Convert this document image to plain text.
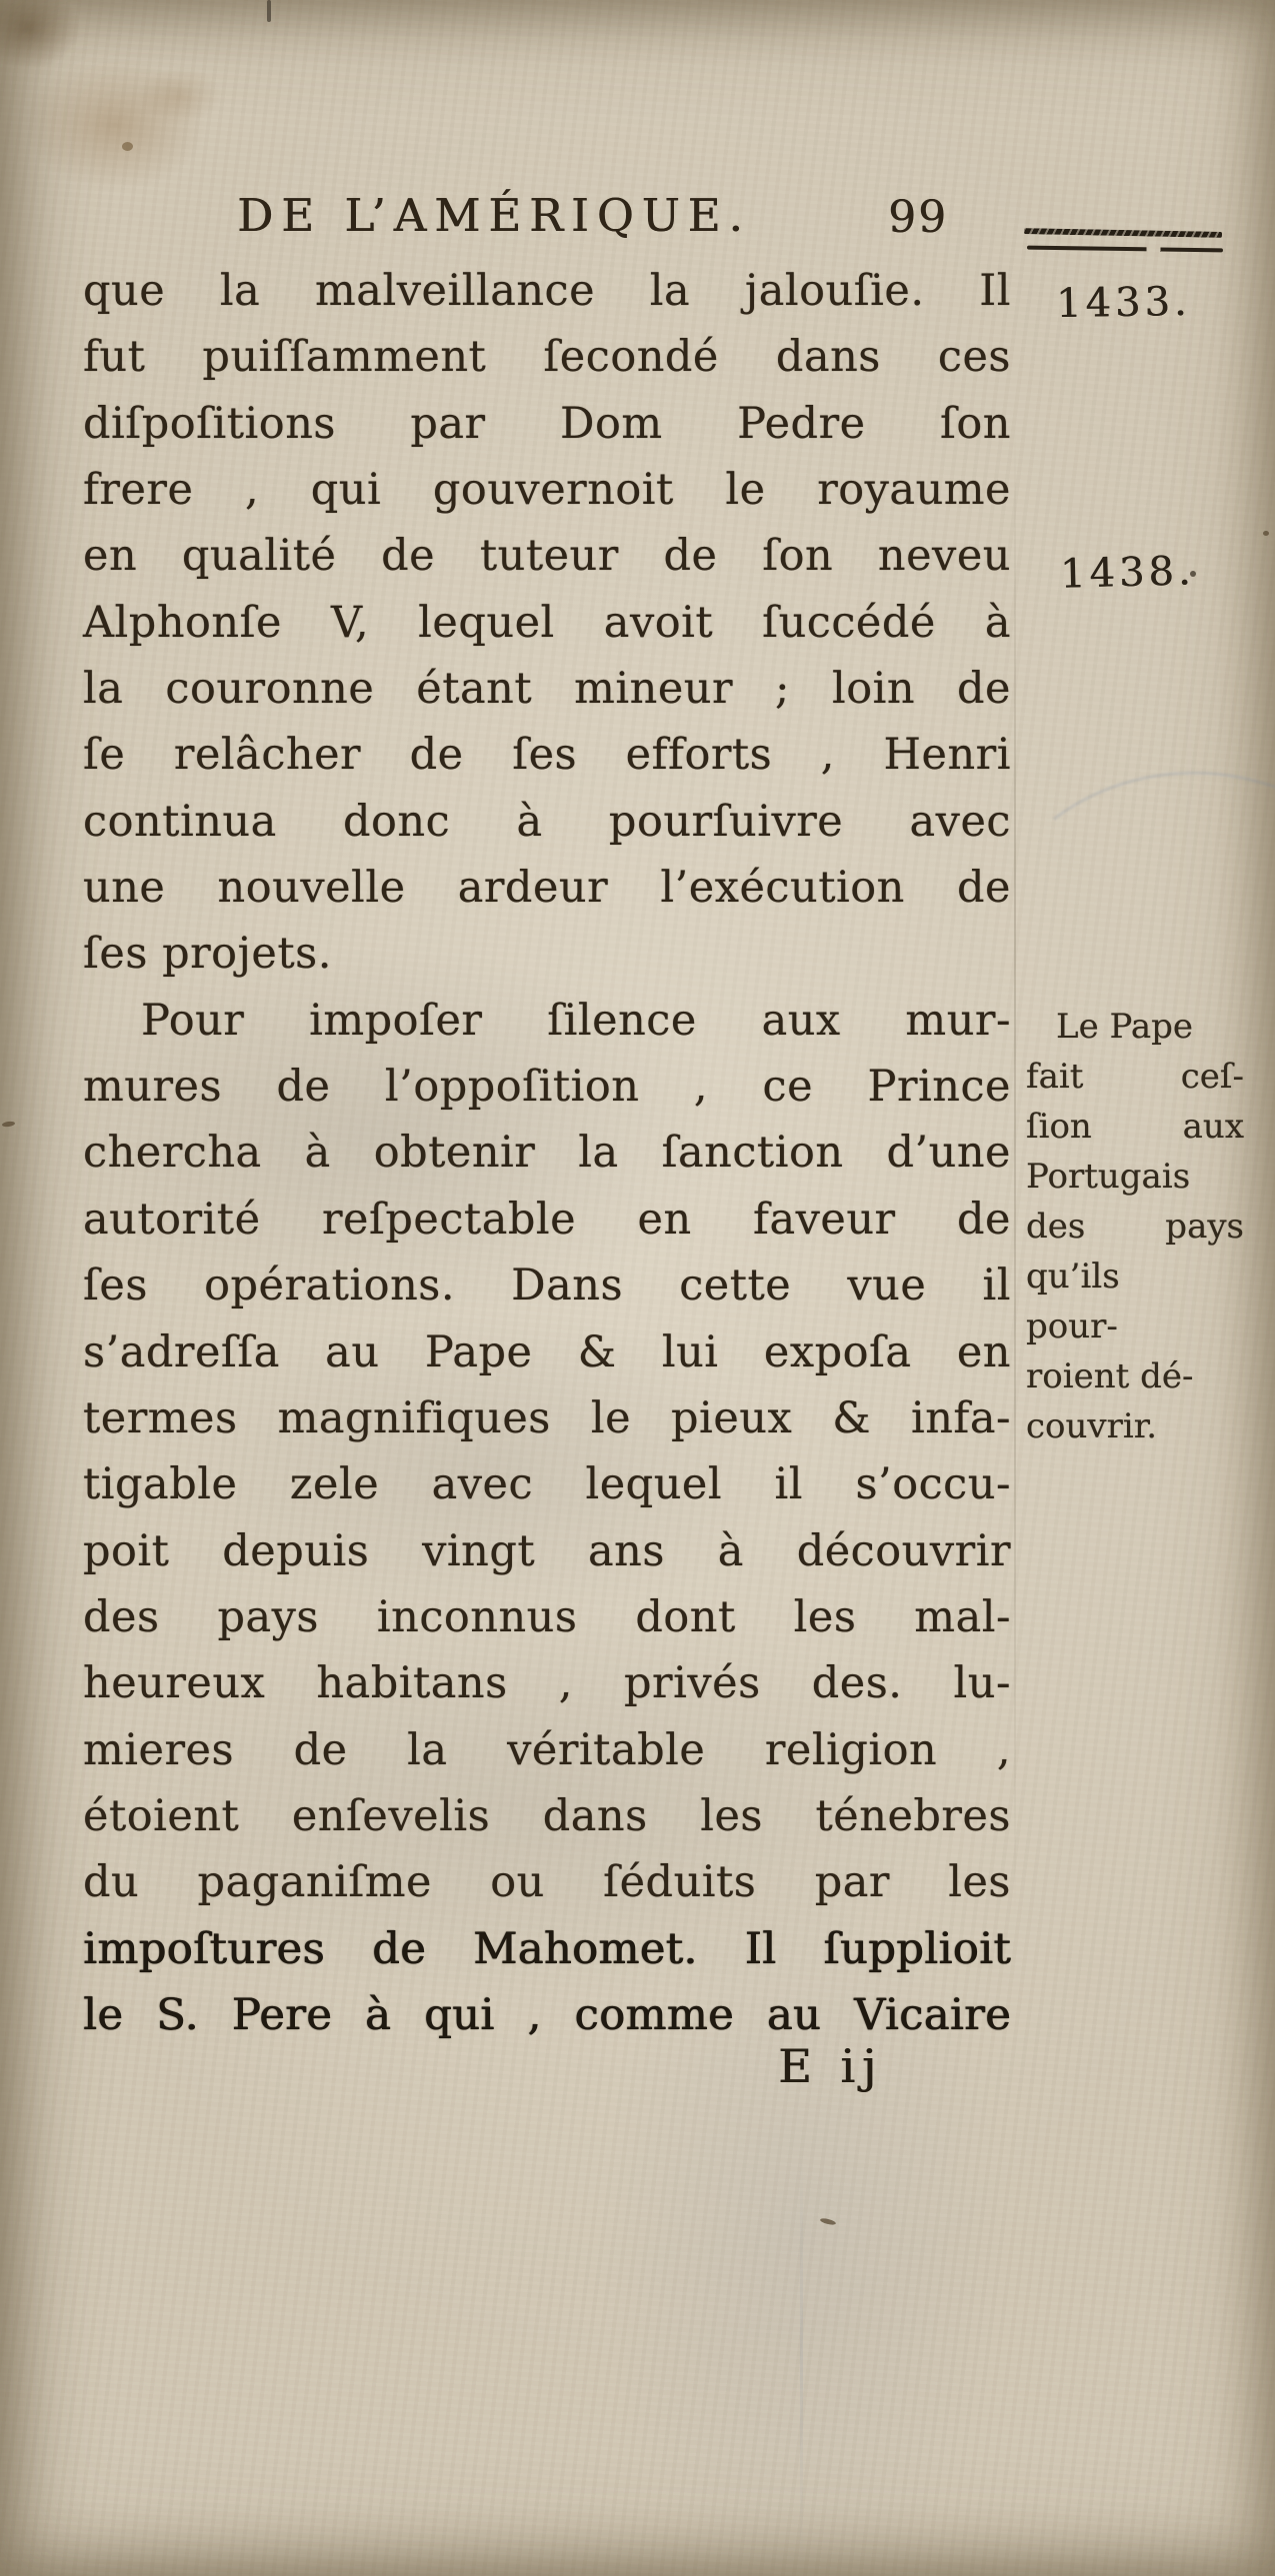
DE L’AMÉRIQUE.	99
1433.
1438.
Le Pape
fait ceſ-
ſion aux
Portugais
des pays
qu’ils
pour-
roient dé-
couvrir.
que la malveillance la jalouſie. Il
fut puiſſamment ſecondé dans ces
diſpoſitions par Dom Pedre ſon
frere , qui gouvernoit le royaume
en qualité de tuteur de ſon neveu
Alphonſe V, lequel avoit ſuccédé à
la couronne étant mineur ; loin de
ſe relâcher de ſes efforts , Henri
continua donc à pourſuivre avec
une nouvelle ardeur l’exécution de
ſes projets.
Pour impoſer ſilence aux mur-
mures de l’oppoſition , ce Prince
chercha à obtenir la ſanction d’une
autorité reſpectable en faveur de
ſes opérations. Dans cette vue il
s’adreſſa au Pape & lui expoſa en
termes magnifiques le pieux & infa-
tigable zele avec lequel il s’occu-
poit depuis vingt ans à découvrir
des pays inconnus dont les mal-
heureux habitans , privés des. lu-
mieres de la véritable religion ,
étoient enſevelis dans les ténebres
du paganiſme ou ſéduits par les
impoſtures de Mahomet. Il ſupplioit
le S. Pere à qui , comme au Vicaire
E ij
